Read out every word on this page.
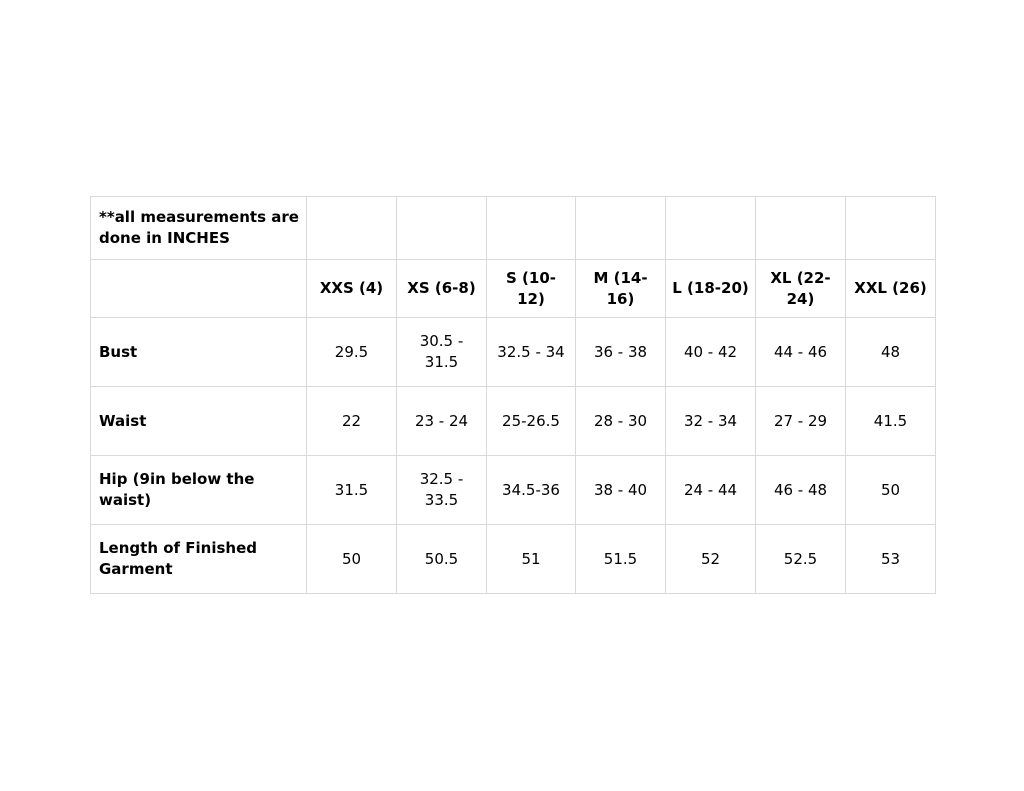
**all measurements are done in INCHES							
	XXS (4)	XS (6-8)	S (10-12)	M (14-16)	L (18-20)	XL (22-24)	XXL (26)
Bust	29.5	30.5 - 31.5	32.5 - 34	36 - 38	40 - 42	44 - 46	48
Waist	22	23 - 24	25-26.5	28 - 30	32 - 34	27 - 29	41.5
Hip (9in below the waist)	31.5	32.5 - 33.5	34.5-36	38 - 40	24 - 44	46 - 48	50
Length of Finished Garment	50	50.5	51	51.5	52	52.5	53
